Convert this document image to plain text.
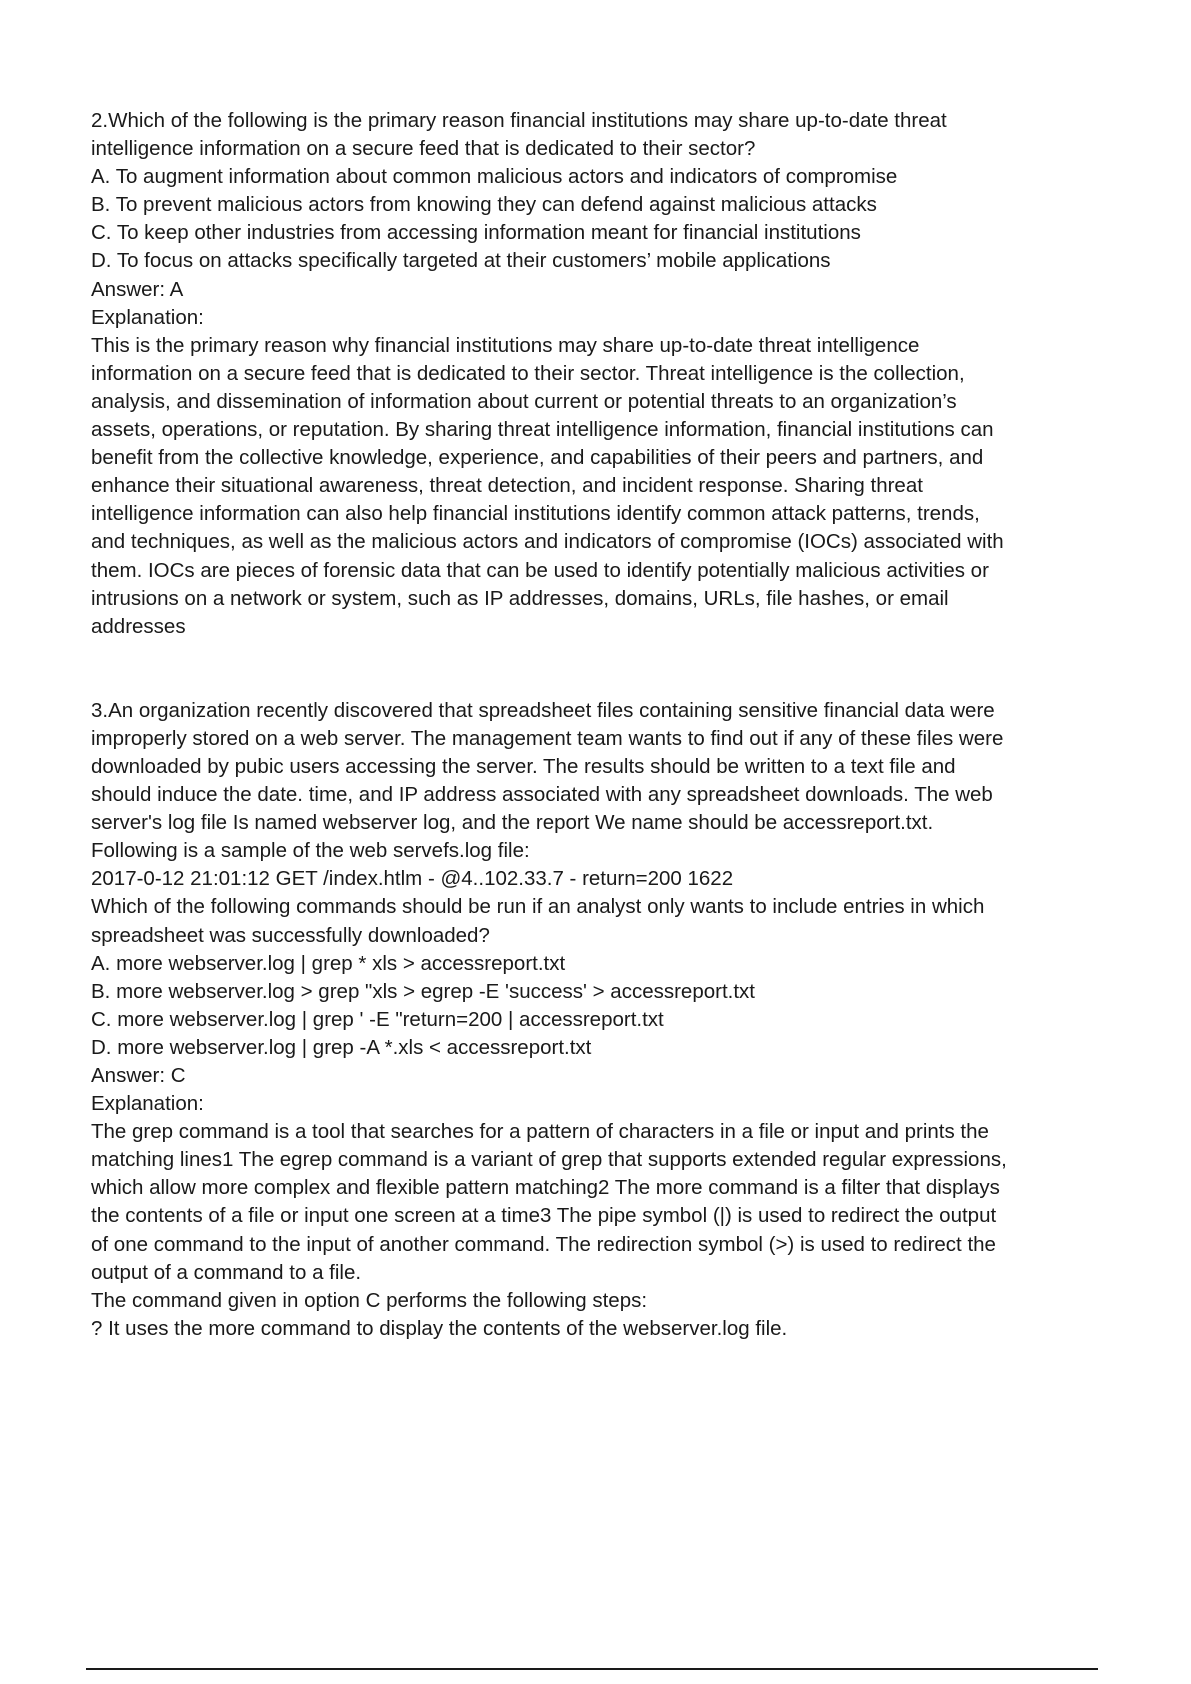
2.Which of the following is the primary reason financial institutions may share up-to-date threat
intelligence information on a secure feed that is dedicated to their sector?
A. To augment information about common malicious actors and indicators of compromise
B. To prevent malicious actors from knowing they can defend against malicious attacks
C. To keep other industries from accessing information meant for financial institutions
D. To focus on attacks specifically targeted at their customers’ mobile applications
Answer: A
Explanation:
This is the primary reason why financial institutions may share up-to-date threat intelligence
information on a secure feed that is dedicated to their sector. Threat intelligence is the collection,
analysis, and dissemination of information about current or potential threats to an organization’s
assets, operations, or reputation. By sharing threat intelligence information, financial institutions can
benefit from the collective knowledge, experience, and capabilities of their peers and partners, and
enhance their situational awareness, threat detection, and incident response. Sharing threat
intelligence information can also help financial institutions identify common attack patterns, trends,
and techniques, as well as the malicious actors and indicators of compromise (IOCs) associated with
them. IOCs are pieces of forensic data that can be used to identify potentially malicious activities or
intrusions on a network or system, such as IP addresses, domains, URLs, file hashes, or email
addresses
3.An organization recently discovered that spreadsheet files containing sensitive financial data were
improperly stored on a web server. The management team wants to find out if any of these files were
downloaded by pubic users accessing the server. The results should be written to a text file and
should induce the date. time, and IP address associated with any spreadsheet downloads. The web
server's log file Is named webserver log, and the report We name should be accessreport.txt.
Following is a sample of the web servefs.log file:
2017-0-12 21:01:12 GET /index.htlm - @4..102.33.7 - return=200 1622
Which of the following commands should be run if an analyst only wants to include entries in which
spreadsheet was successfully downloaded?
A. more webserver.log | grep * xls > accessreport.txt
B. more webserver.log > grep "xls > egrep -E 'success' > accessreport.txt
C. more webserver.log | grep ' -E "return=200 | accessreport.txt
D. more webserver.log | grep -A *.xls < accessreport.txt
Answer: C
Explanation:
The grep command is a tool that searches for a pattern of characters in a file or input and prints the
matching lines1 The egrep command is a variant of grep that supports extended regular expressions,
which allow more complex and flexible pattern matching2 The more command is a filter that displays
the contents of a file or input one screen at a time3 The pipe symbol (|) is used to redirect the output
of one command to the input of another command. The redirection symbol (>) is used to redirect the
output of a command to a file.
The command given in option C performs the following steps:
? It uses the more command to display the contents of the webserver.log file.
